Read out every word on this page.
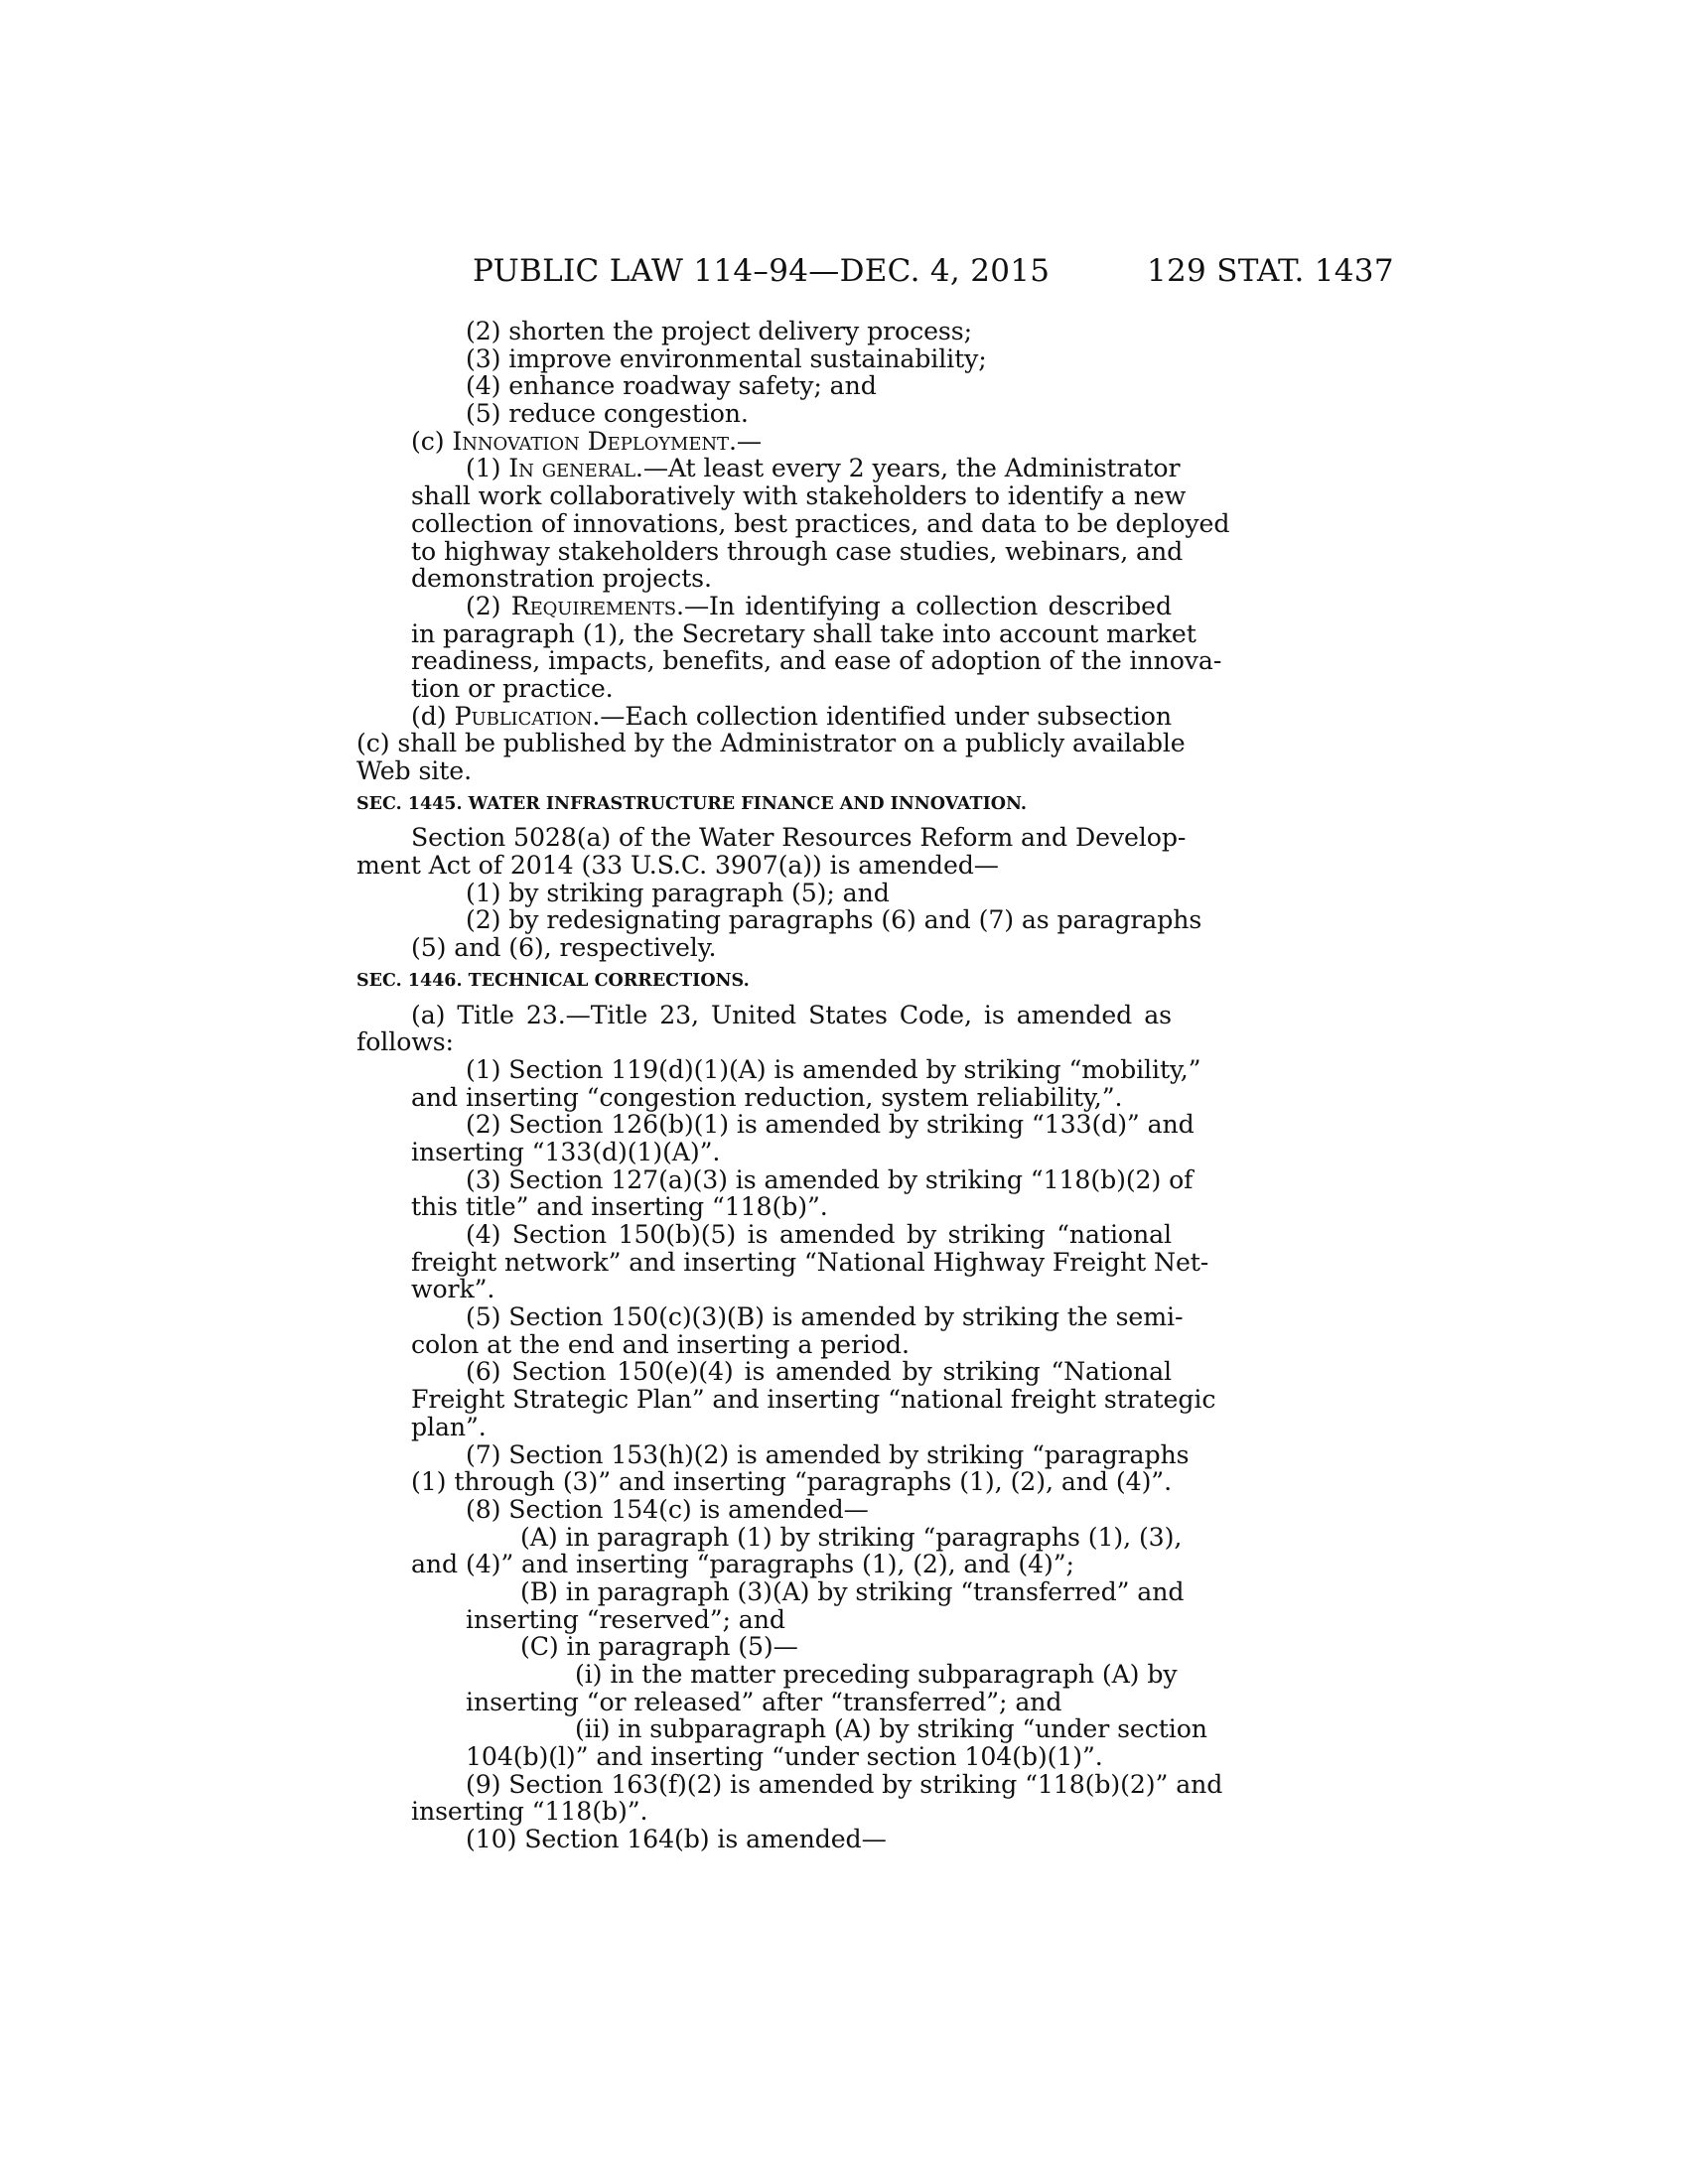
PUBLIC LAW 114–94—DEC. 4, 2015	129 STAT. 1437
(2) shorten the project delivery process;
(3) improve environmental sustainability;
(4) enhance roadway safety; and
(5) reduce congestion.
(c) Innovation Deployment.—
(1) In general.—At least every 2 years, the Administrator
shall work collaboratively with stakeholders to identify a new
collection of innovations, best practices, and data to be deployed
to highway stakeholders through case studies, webinars, and
demonstration projects.
(2) Requirements.—In identifying a collection described
in paragraph (1), the Secretary shall take into account market
readiness, impacts, benefits, and ease of adoption of the innova-
tion or practice.
(d) Publication.—Each collection identified under subsection
(c) shall be published by the Administrator on a publicly available
Web site.
SEC. 1445. WATER INFRASTRUCTURE FINANCE AND INNOVATION.
Section 5028(a) of the Water Resources Reform and Develop-
ment Act of 2014 (33 U.S.C. 3907(a)) is amended—
(1) by striking paragraph (5); and
(2) by redesignating paragraphs (6) and (7) as paragraphs
(5) and (6), respectively.
SEC. 1446. TECHNICAL CORRECTIONS.
(a) Title 23.—Title 23, United States Code, is amended as
follows:
(1) Section 119(d)(1)(A) is amended by striking “mobility,”
and inserting “congestion reduction, system reliability,”.
(2) Section 126(b)(1) is amended by striking “133(d)” and
inserting “133(d)(1)(A)”.
(3) Section 127(a)(3) is amended by striking “118(b)(2) of
this title” and inserting “118(b)”.
(4) Section 150(b)(5) is amended by striking “national
freight network” and inserting “National Highway Freight Net-
work”.
(5) Section 150(c)(3)(B) is amended by striking the semi-
colon at the end and inserting a period.
(6) Section 150(e)(4) is amended by striking “National
Freight Strategic Plan” and inserting “national freight strategic
plan”.
(7) Section 153(h)(2) is amended by striking “paragraphs
(1) through (3)” and inserting “paragraphs (1), (2), and (4)”.
(8) Section 154(c) is amended—
(A) in paragraph (1) by striking “paragraphs (1), (3),
and (4)” and inserting “paragraphs (1), (2), and (4)”;
(B) in paragraph (3)(A) by striking “transferred” and
inserting “reserved”; and
(C) in paragraph (5)—
(i) in the matter preceding subparagraph (A) by
inserting “or released” after “transferred”; and
(ii) in subparagraph (A) by striking “under section
104(b)(l)” and inserting “under section 104(b)(1)”.
(9) Section 163(f)(2) is amended by striking “118(b)(2)” and
inserting “118(b)”.
(10) Section 164(b) is amended—
